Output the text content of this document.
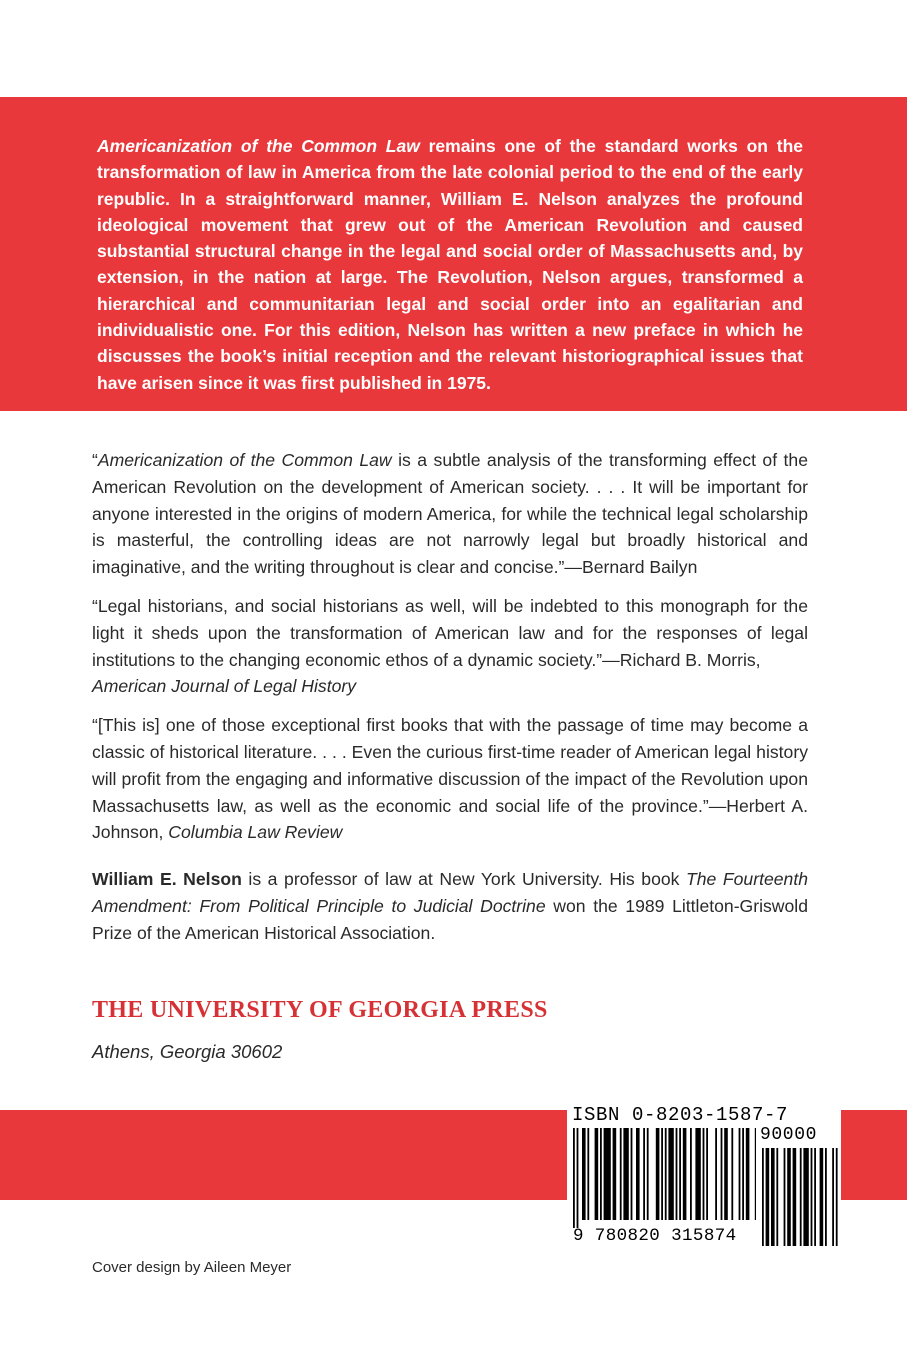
Americanization of the Common Law remains one of the standard works on the transformation of law in America from the late colonial period to the end of the early republic. In a straightforward manner, William E. Nelson analyzes the profound ideological movement that grew out of the American Revolution and caused substantial structural change in the legal and social order of Massachusetts and, by extension, in the nation at large. The Revolution, Nelson argues, transformed a hierarchical and communitarian legal and social order into an egalitarian and individualistic one. For this edition, Nelson has written a new preface in which he discusses the book’s initial reception and the relevant historiographical issues that have arisen since it was first published in 1975.

“Americanization of the Common Law is a subtle analysis of the transforming effect of the American Revolution on the development of American society. . . . It will be important for anyone interested in the origins of modern America, for while the technical legal scholarship is masterful, the controlling ideas are not narrowly legal but broadly historical and imaginative, and the writing throughout is clear and concise.”—Bernard Bailyn

“Legal historians, and social historians as well, will be indebted to this monograph for the light it sheds upon the transformation of American law and for the responses of legal institutions to the changing economic ethos of a dynamic society.”—Richard B. Morris,
American Journal of Legal History

“[This is] one of those exceptional first books that with the passage of time may become a classic of historical literature. . . . Even the curious first-time reader of American legal history will profit from the engaging and informative discussion of the impact of the Revolution upon Massachusetts law, as well as the economic and social life of the province.”—Herbert A. Johnson, Columbia Law Review

William E. Nelson is a professor of law at New York University. His book The Fourteenth Amendment: From Political Principle to Judicial Doctrine won the 1989 Littleton-Griswold Prize of the American Historical Association.

THE UNIVERSITY OF GEORGIA PRESS

Athens, Georgia 30602

ISBN 0-8203-1587-7
90000
9 780820 315874

Cover design by Aileen Meyer
